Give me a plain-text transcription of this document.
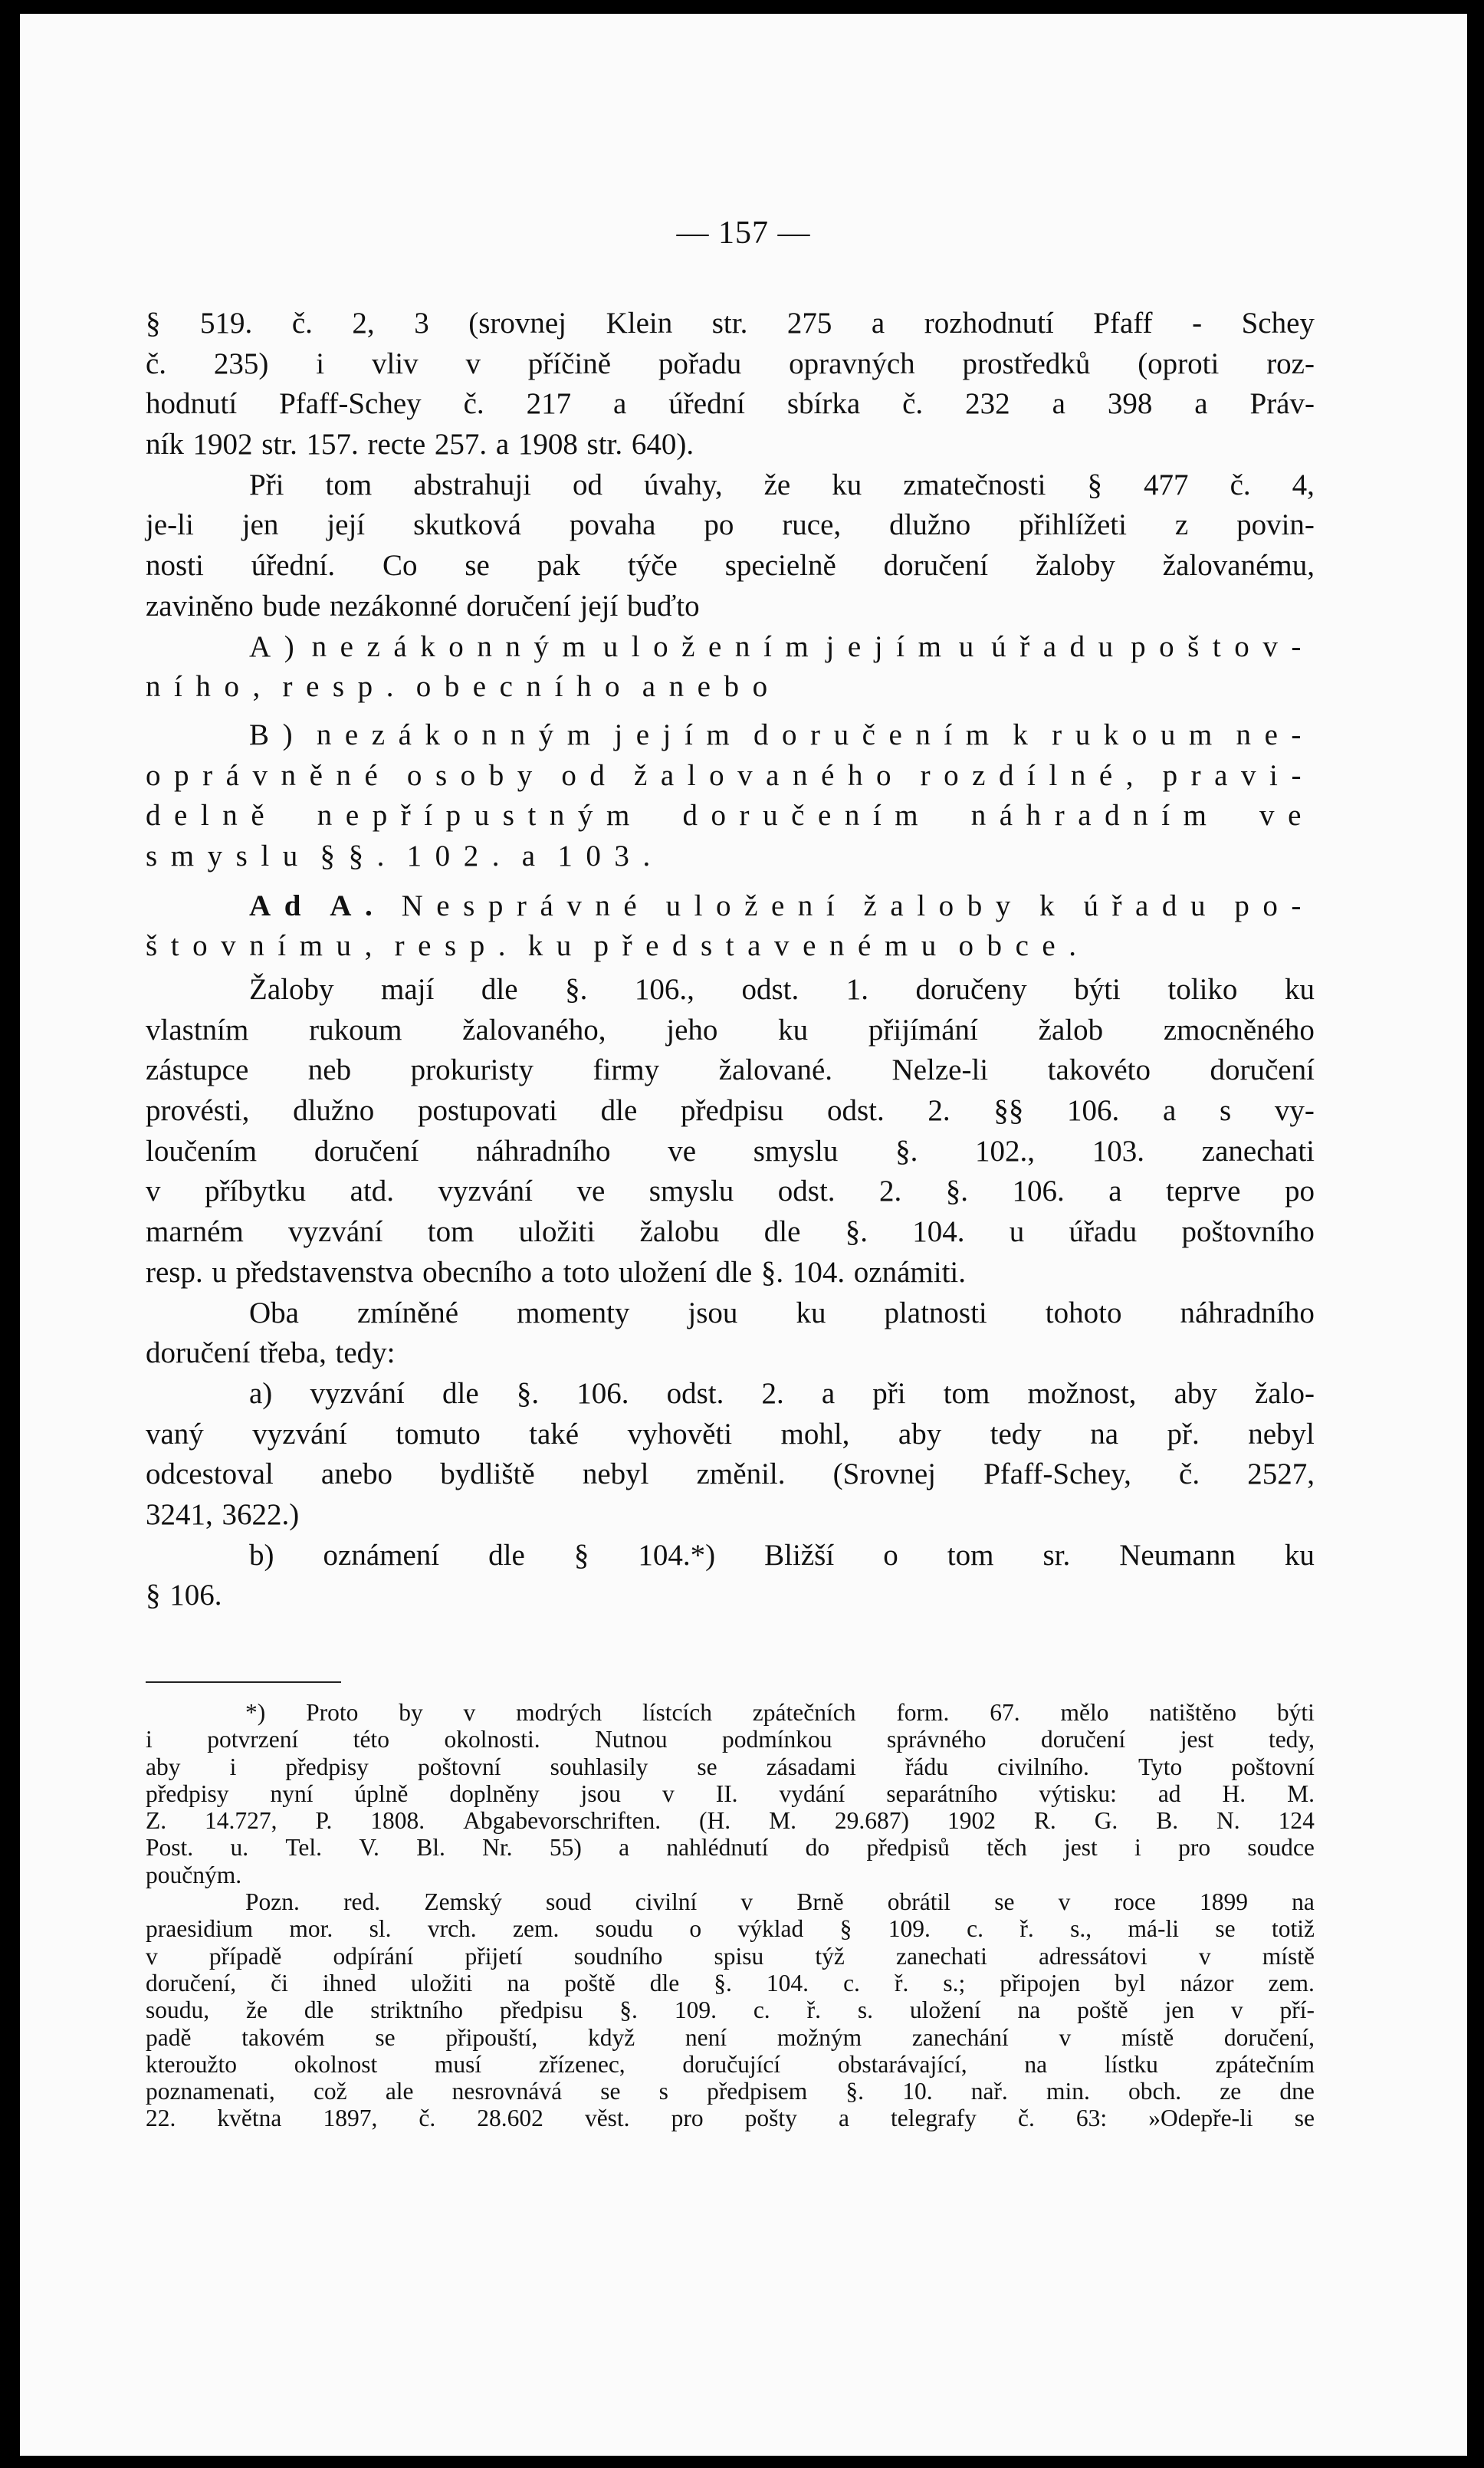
— 157 —
§ 519. č. 2, 3 (srovnej Klein str. 275 a rozhodnutí Pfaff - Schey
č. 235) i vliv v příčině pořadu opravných prostředků (oproti roz-
hodnutí Pfaff-Schey č. 217 a úřední sbírka č. 232 a 398 a Práv-
ník 1902 str. 157. recte 257. a 1908 str. 640).
Při tom abstrahuji od úvahy, že ku zmatečnosti § 477 č. 4,
je-li jen její skutková povaha po ruce, dlužno přihlížeti z povin-
nosti úřední. Co se pak týče specielně doručení žaloby žalovanému,
zaviněno bude nezákonné doručení její buďto
A) nezákonným uložením jejím u úřadu poštov-
ního, resp. obecního anebo
B) nezákonným jejím doručením k rukoum ne-
oprávněné osoby od žalovaného rozdílné, pravi-
delně nepřípustným doručením náhradním ve
smyslu §§. 102. a 103.
Ad A. Nesprávné uložení žaloby k úřadu po-
štovnímu, resp. ku představenému obce.
Žaloby mají dle §. 106., odst. 1. doručeny býti toliko ku
vlastním rukoum žalovaného, jeho ku přijímání žalob zmocněného
zástupce neb prokuristy firmy žalované. Nelze-li takovéto doručení
provésti, dlužno postupovati dle předpisu odst. 2. §§ 106. a s vy-
loučením doručení náhradního ve smyslu §. 102., 103. zanechati
v příbytku atd. vyzvání ve smyslu odst. 2. §. 106. a teprve po
marném vyzvání tom uložiti žalobu dle §. 104. u úřadu poštovního
resp. u představenstva obecního a toto uložení dle §. 104. oznámiti.
Oba zmíněné momenty jsou ku platnosti tohoto náhradního
doručení třeba, tedy:
a) vyzvání dle §. 106. odst. 2. a při tom možnost, aby žalo-
vaný vyzvání tomuto také vyhověti mohl, aby tedy na př. nebyl
odcestoval anebo bydliště nebyl změnil. (Srovnej Pfaff-Schey, č. 2527,
3241, 3622.)
b) oznámení dle § 104.*) Bližší o tom sr. Neumann ku
§ 106.
*) Proto by v modrých lístcích zpátečních form. 67. mělo natištěno býti
i potvrzení této okolnosti. Nutnou podmínkou správného doručení jest tedy,
aby i předpisy poštovní souhlasily se zásadami řádu civilního. Tyto poštovní
předpisy nyní úplně doplněny jsou v II. vydání separátního výtisku: ad H. M.
Z. 14.727, P. 1808. Abgabevorschriften. (H. M. 29.687) 1902 R. G. B. N. 124
Post. u. Tel. V. Bl. Nr. 55) a nahlédnutí do předpisů těch jest i pro soudce
poučným.
Pozn. red. Zemský soud civilní v Brně obrátil se v roce 1899 na
praesidium mor. sl. vrch. zem. soudu o výklad § 109. c. ř. s., má-li se totiž
v případě odpírání přijetí soudního spisu týž zanechati adressátovi v místě
doručení, či ihned uložiti na poště dle §. 104. c. ř. s.; připojen byl názor zem.
soudu, že dle striktního předpisu §. 109. c. ř. s. uložení na poště jen v pří-
padě takovém se připouští, když není možným zanechání v místě doručení,
kteroužto okolnost musí zřízenec, doručující obstarávající, na lístku zpátečním
poznamenati, což ale nesrovnává se s předpisem §. 10. nař. min. obch. ze dne
22. května 1897, č. 28.602 věst. pro pošty a telegrafy č. 63: »Odepře-li se
